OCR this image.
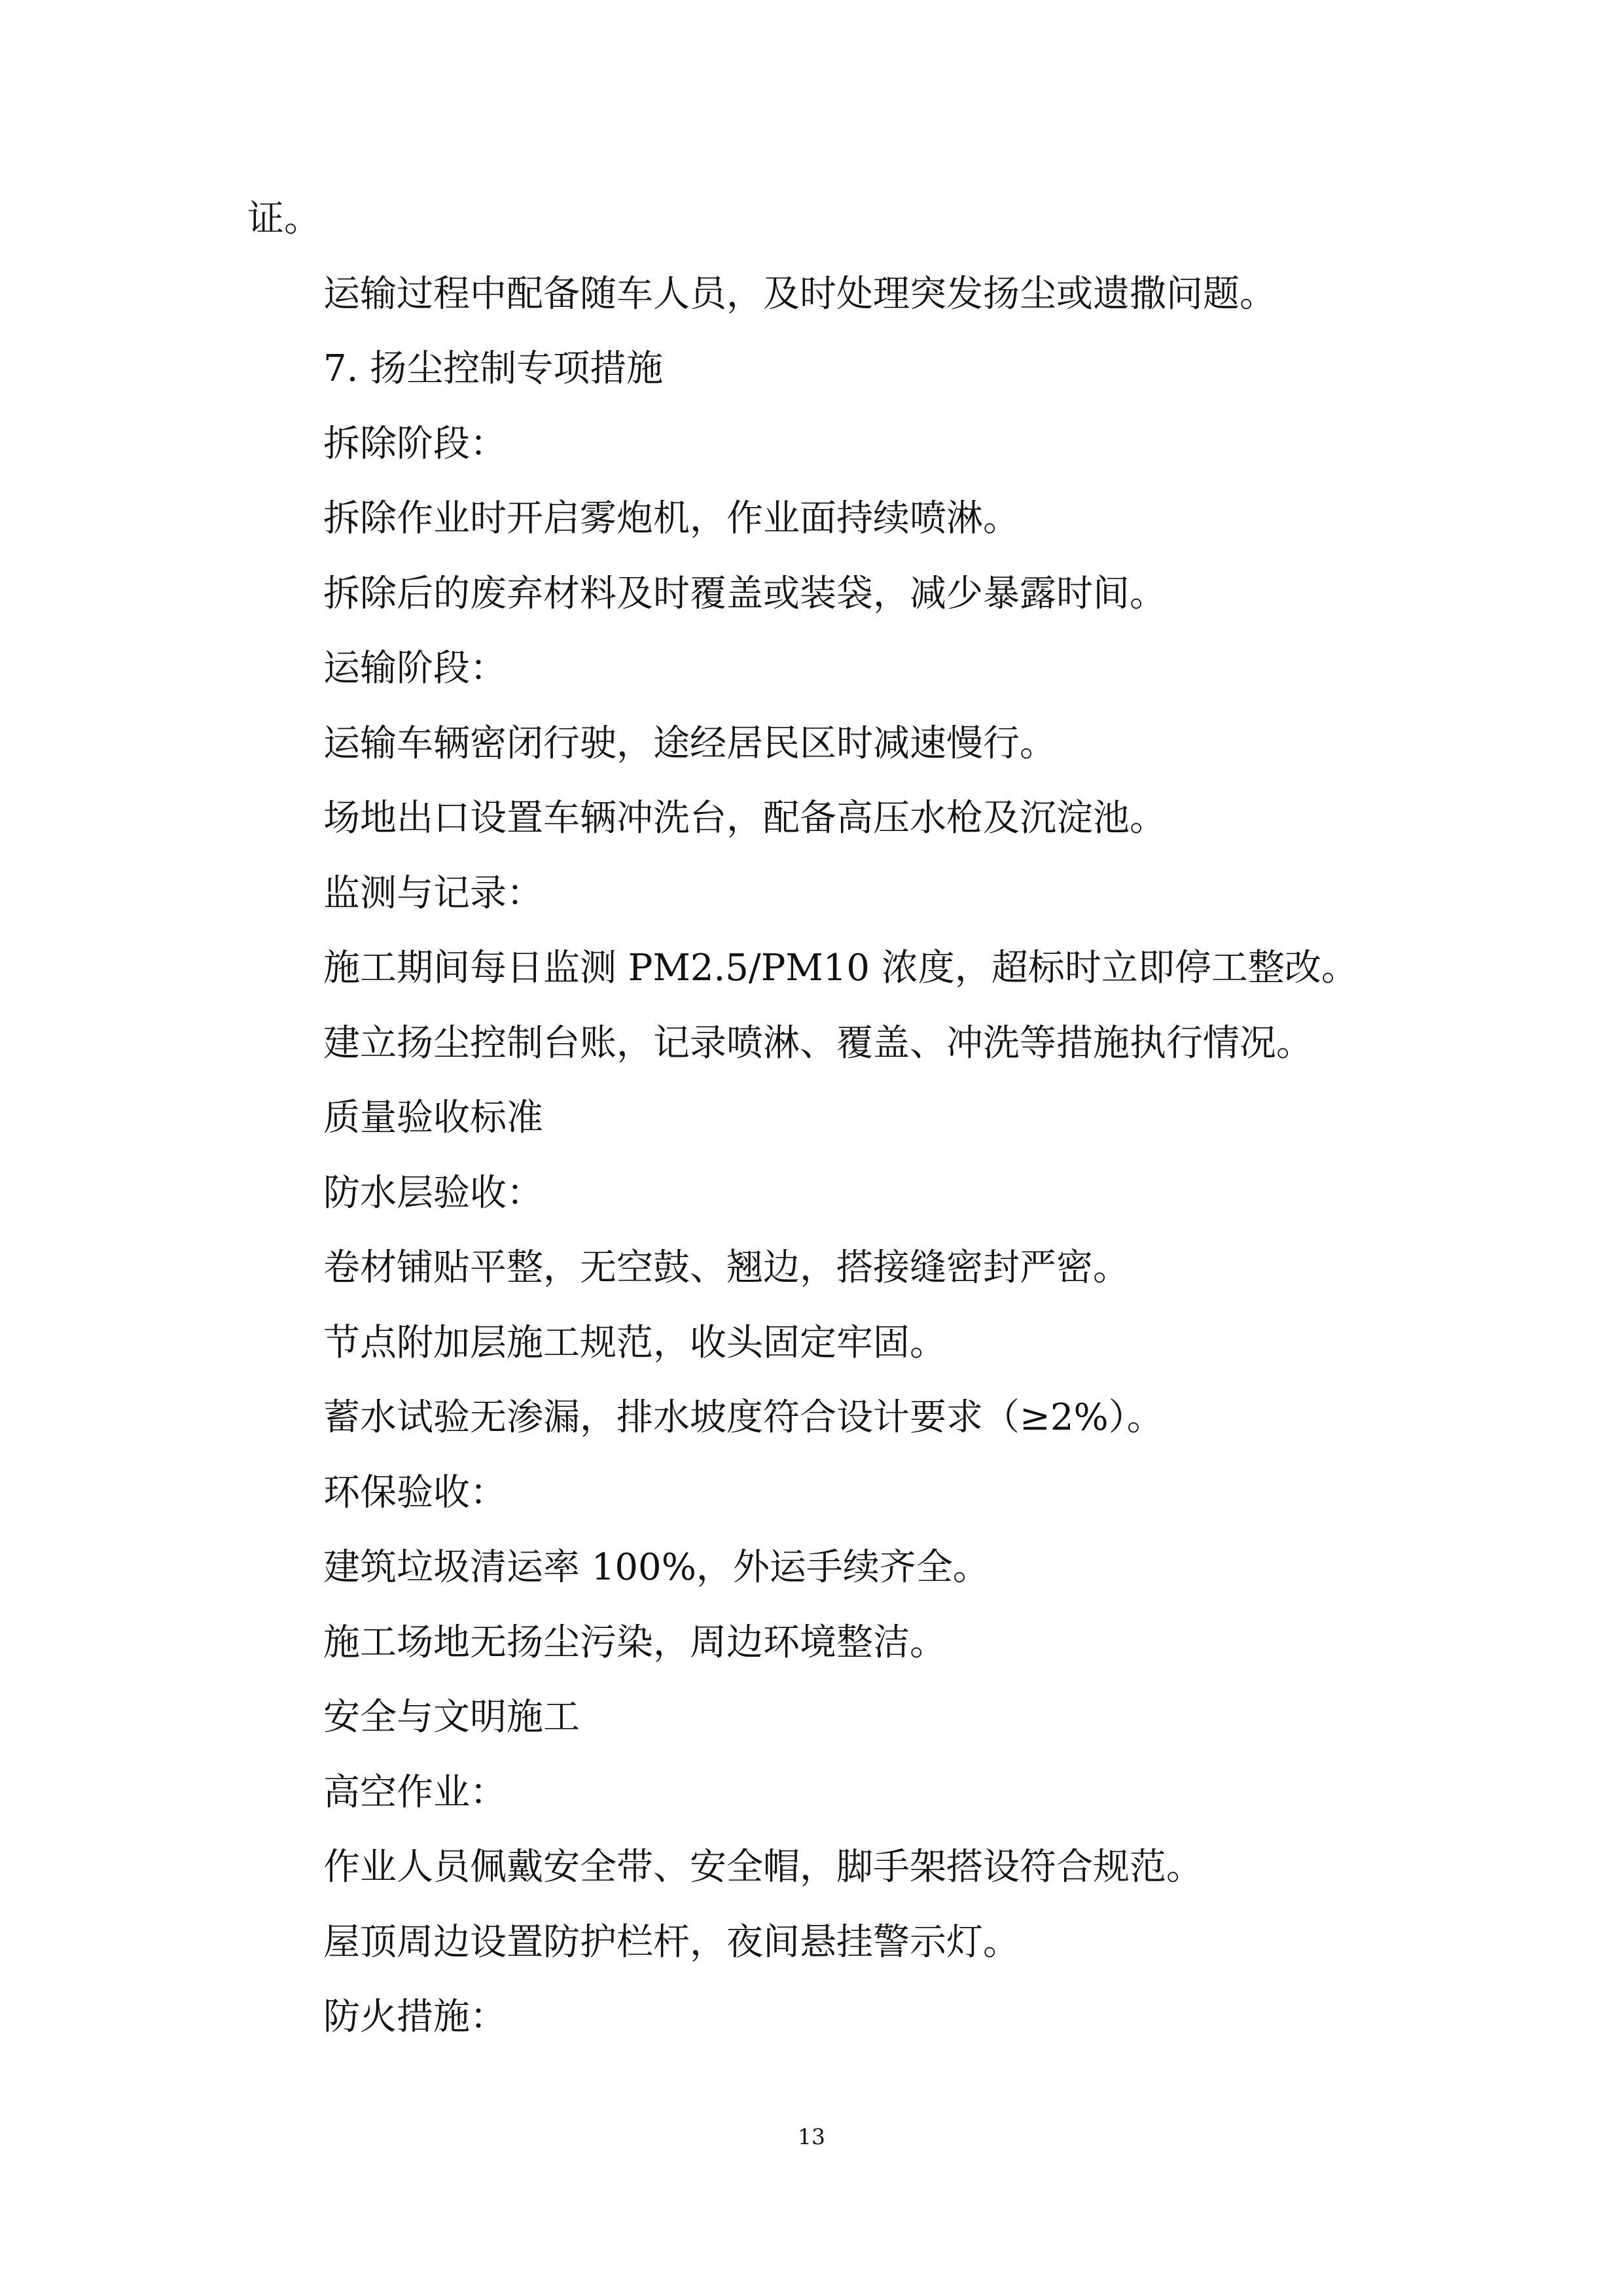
证。
运输过程中配备随车人员，及时处理突发扬尘或遗撒问题。
7. 扬尘控制专项措施
拆除阶段：
拆除作业时开启雾炮机，作业面持续喷淋。
拆除后的废弃材料及时覆盖或装袋，减少暴露时间。
运输阶段：
运输车辆密闭行驶，途经居民区时减速慢行。
场地出口设置车辆冲洗台，配备高压水枪及沉淀池。
监测与记录：
施工期间每日监测 PM2.5/PM10 浓度，超标时立即停工整改。
建立扬尘控制台账，记录喷淋、覆盖、冲洗等措施执行情况。
质量验收标准
防水层验收：
卷材铺贴平整，无空鼓、翘边，搭接缝密封严密。
节点附加层施工规范，收头固定牢固。
蓄水试验无渗漏，排水坡度符合设计要求（≥2%）。
环保验收：
建筑垃圾清运率 100%，外运手续齐全。
施工场地无扬尘污染，周边环境整洁。
安全与文明施工
高空作业：
作业人员佩戴安全带、安全帽，脚手架搭设符合规范。
屋顶周边设置防护栏杆，夜间悬挂警示灯。
防火措施：
13
